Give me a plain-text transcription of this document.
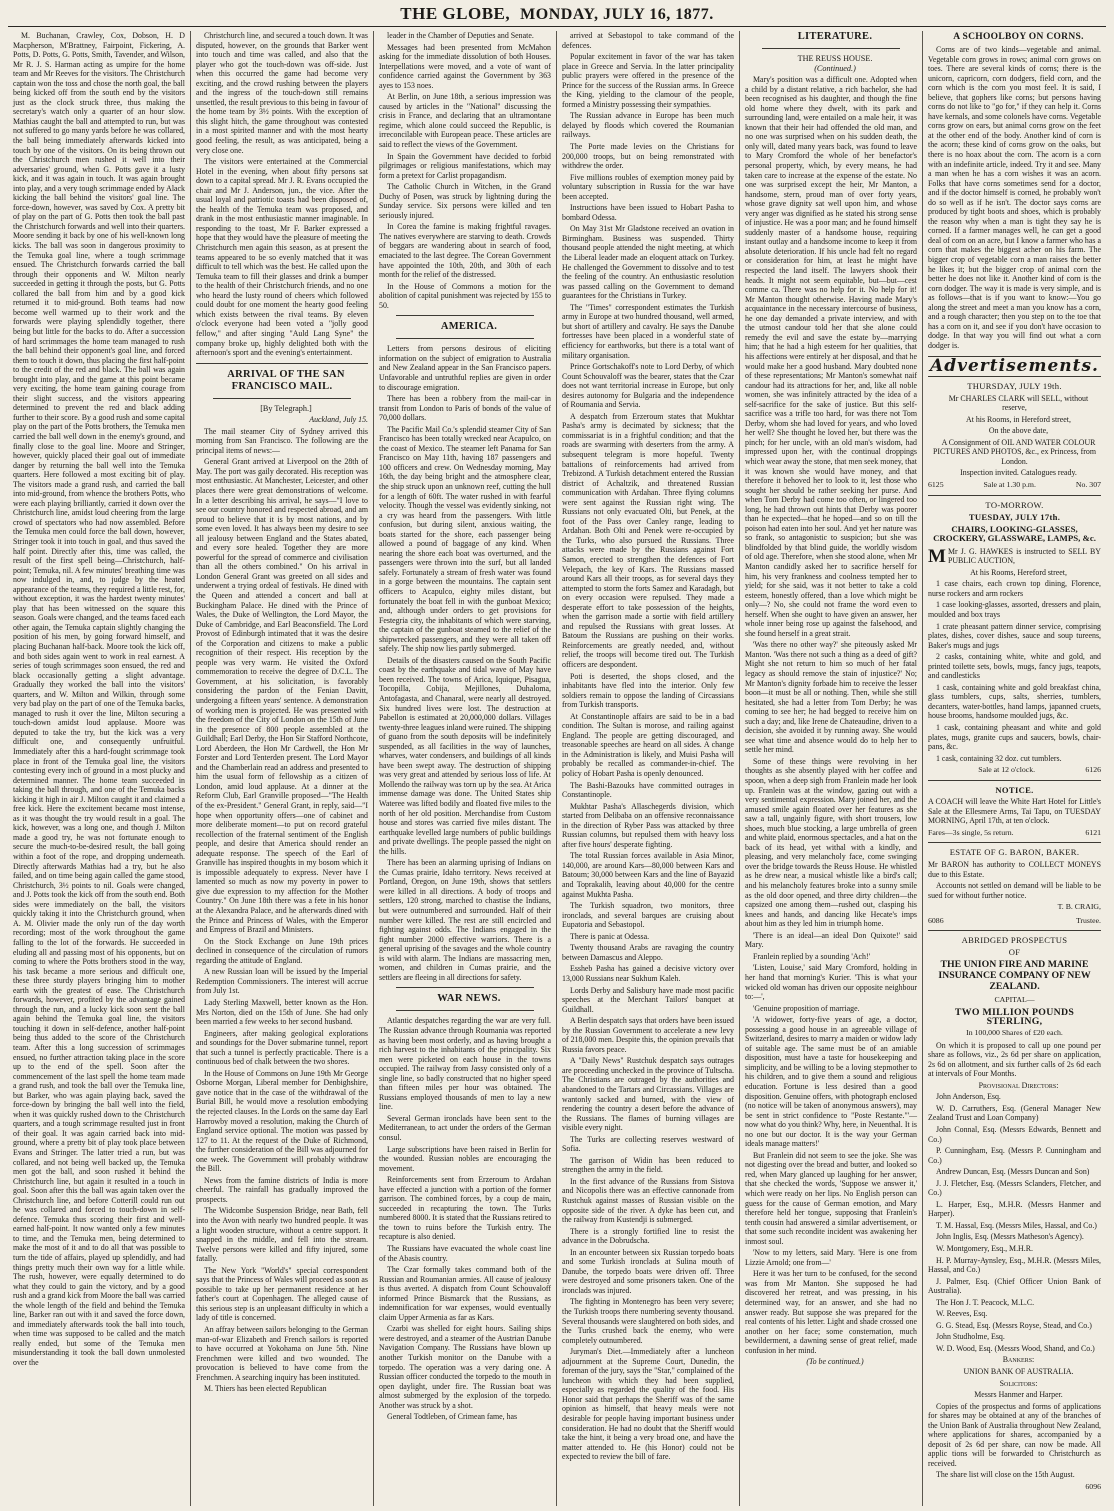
THE GLOBE, MONDAY, JULY 16, 1877.

M. Buchanan, Crawley, Cox, Dobson, H. D Macpherson, M'Brattney, Fairpoint, Fickering, A. Potts, D. Potts, G. Potts, Smith, Tavender, and Wilson, Mr R. J. S. Harman acting as umpire for the home team and Mr Reeves for the visitors. The Christchurch captain won the toss and chose the north goal, the ball being kicked off from the south end by the visitors just as the clock struck three, thus making the secretary's watch only a quarter of an hour slow. Mathias caught the ball and attempted to run, but was not suffered to go many yards before he was collared, the ball being immediately afterwards kicked into touch by one of the visitors. On its being thrown out the Christchurch men rushed it well into their adversaries' ground, when G. Potts gave it a lusty kick, and it was again in touch. It was again brought into play, and a very tough scrimmage ended by Alack kicking the ball behind the visitors' goal line. The force-down, however, was saved by Cox. A pretty bit of play on the part of G. Potts then took the ball past the Christchurch forwards and well into their quarters. Moore sending it back by one of his well-known long kicks. The ball was soon in dangerous proximity to the Temuka goal line, where a tough scrimmage ensued. The Christchurch forwards carried the ball through their opponents and W. Milton nearly succeeded in getting it through the posts, but G. Potts collared the ball from him and by a good kick returned it to mid-ground. Both teams had now become well warmed up to their work and the forwards were playing splendidly together, there being but little for the backs to do. After a succession of hard scrimmages the home team managed to rush the ball behind their opponent's goal line, and forced them to touch it down, thus placing the first half-point to the credit of the red and black. The ball was again brought into play, and the game at this point became very exciting, the home team gaining courage from their slight success, and the visitors appearing determined to prevent the red and black adding further to their score. By a good rush and some capital play on the part of the Potts brothers, the Temuka men carried the ball well down in the enemy's ground, and finally close to the goal line. Moore and Stringer, however, quickly placed their goal out of immediate danger by returning the ball well into the Temuka quarters. Here followed a most exciting bit of play. The visitors made a grand rush, and carried the ball into mid-ground, from whence the brothers Potts, who were each playing brilliantly, carried it down over the Christchurch line, amidst loud cheering from the large crowd of spectators who had now assembled. Before the Temuka men could force the ball down, however, Stringer took it into touch in goal, and thus saved the half point. Directly after this, time was called, the result of the first spell being—Christchurch, half-point; Temuka, nil. A few minutes' breathing time was now indulged in, and, to judge by the heated appearance of the teams, they required a little rest, for, without exception, it was the hardest twenty minutes' play that has been witnessed on the square this season. Goals were changed, and the teams faced each other again, the Temuka captain slightly changing the position of his men, by going forward himself, and placing Buchanan half-back. Moore took the kick off, and both sides again went to work in real earnest. A series of tough scrimmages soon ensued, the red and black occasionally getting a slight advantage. Gradually they worked the ball into the visitors' quarters, and W. Milton and Wilkin, through some very bad play on the part of one of the Temuka backs, managed to rush it over the line, Milton securing a touch-down amidst loud applause. Moore was deputed to take the try, but the kick was a very difficult one, and consequently unfruitful. Immediately after this a hard-fought scrimmage took place in front of the Temuka goal line, the visitors contesting every inch of ground in a most plucky and determined manner. The home team succeeded in taking the ball through, and one of the Temuka backs kicking it high in air J. Milton caught it and claimed a free kick. Here the excitement became most intense, as it was thought the try would result in a goal. The kick, however, was a long one, and though J. Milton made a good try, he was not fortunate enough to secure the much-to-be-desired result, the ball going within a foot of the rope, and dropping underneath. Directly afterwards Mathias had a try, but he also failed, and on time being again called the game stood, Christchurch, 3½ points to nil. Goals were changed, and J. Potts took the kick off from the south end. Both sides were immediately on the ball, the visitors quickly taking it into the Christchurch ground, when A. M. Olivier made the only run of the day worth recording; most of the work throughout the game falling to the lot of the forwards. He succeeded in eluding all and passing most of his opponents, but on coming to where the Potts brothers stood in the way, his task became a more serious and difficult one, these three sturdy players bringing him to mother earth with the greatest of ease. The Christchurch forwards, however, profited by the advantage gained through the run, and a lucky kick soon sent the ball again behind the Temuka goal line, the visitors touching it down in self-defence, another half-point being thus added to the score of the Christchurch team. After this a long succession of scrimmages ensued, no further attraction taking place in the score up to the end of the spell. Soon after the commencement of the last spell the home team made a grand rush, and took the ball over the Temuka line, but Barker, who was again playing back, saved the force-down by bringing the ball well into the field, when it was quickly rushed down to the Christchurch quarters, and a tough scrimmage resulted just in front of their goal. It was again carried back into mid-ground, where a pretty bit of play took place between Evans and Stringer. The latter tried a run, but was collared, and not being well backed up, the Temuka men got the ball, and soon rushed it behind the Christchurch line, but again it resulted in a touch in goal. Soon after this the ball was again taken over the Christchurch line, and before Cotterill could run out he was collared and forced to touch-down in self-defence. Temuka thus scoring their first and well-earned half-point. It now wanted only a few minutes to time, and the Temuka men, being determined to make the most of it and to do all that was possible to turn the tide of affairs, played up splendidly, and had things pretty much their own way for a little while. The rush, however, were equally determined to do what they could to gain the victory, and by a good rush and a grand kick from Moore the ball was carried the whole length of the field and behind the Temuka line, Barker ran out with it and saved the force down, and immediately afterwards took the ball into touch, when time was supposed to be called and the match really ended, but some of the Temuka men misunderstanding it took the ball down unmolested over the

Christchurch line, and secured a touch down. It was disputed, however, on the grounds that Barker went into touch and time was called, and also that the player who got the touch-down was off-side. Just when this occurred the game had become very exciting, and the crowd rushing between the players and the ingress of the touch-down still remains unsettled, the result previous to this being in favour of the home team by 3½ points. With the exception of this slight hitch, the game throughout was contested in a most spirited manner and with the most hearty good feeling, the result, as was anticipated, being a very close one.

The visitors were entertained at the Commercial Hotel in the evening, when about fifty persons sat down to a capital spread. Mr J. R. Evans occupied the chair and Mr J. Anderson, jun., the vice. After the usual loyal and patriotic toasts had been disposed of, the health of the Temuka team was proposed, and drank in the most enthusiastic manner imaginable. In responding to the toast, Mr F. Barker expressed a hope that they would have the pleasure of meeting the Christchurch men again this season, as at present the teams appeared to be so evenly matched that it was difficult to tell which was the best. He called upon the Temuka team to fill their glasses and drink a bumper to the health of their Christchurch friends, and no one who heard the lusty round of cheers which followed could doubt for one moment the hearty good feeling which exists between the rival teams. By eleven o'clock everyone had been voted a "jolly good fellow," and after singing "Auld Lang Syne" the company broke up, highly delighted both with the afternoon's sport and the evening's entertainment.

ARRIVAL OF THE SAN FRANCISCO MAIL.

[By Telegraph.]

Auckland, July 15.

The mail steamer City of Sydney arrived this morning from San Francisco. The following are the principal items of news:—

General Grant arrived at Liverpool on the 28th of May. The port was gaily decorated. His reception was most enthusiastic. At Manchester, Leicester, and other places there were great demonstrations of welcome. In a letter describing his arrival, he says—"I love to see our country honored and respected abroad, and am proud to believe that it is by most nations, and by some even loved. It has always been my desire to see all jealousy between England and the States abated, and every sore healed. Together they are more powerful for the spread of commerce and civilisation than all the others combined." On his arrival in London General Grant was greeted on all sides and underwent a trying ordeal of festivals. He dined with the Queen and attended a concert and ball at Buckingham Palace. He dined with the Prince of Wales, the Duke of Wellington, the Lord Mayor, the Duke of Cambridge, and Earl Beaconsfield. The Lord Provost of Edinburgh intimated that it was the desire of the Corporation and citizens to make a public recognition of their respect. His reception by the people was very warm. He visited the Oxford commemoration to receive the degree of D.C.L. The Government, at his solicitation, is favorably considering the pardon of the Fenian Davitt, undergoing a fifteen years' sentence. A demonstration of working men is projected. He was presented with the freedom of the City of London on the 15th of June in the presence of 800 people assembled at the Guildhall; Earl Derby, the Hon Sir Stafford Northcote, Lord Aberdeen, the Hon Mr Cardwell, the Hon Mr Forster and Lord Tenterden present. The Lord Mayor and the Chamberlain read an address and presented to him the usual form of fellowship as a citizen of London, amid loud applause. At a dinner at the Reform Club, Earl Granville proposed—"The Health of the ex-President." General Grant, in reply, said—"I hope when opportunity offers—one of cabinet and more deliberate moment—to put on record grateful recollection of the fraternal sentiment of the English people, and desire that America should render an adequate response. The speech of the Earl of Granville has inspired thoughts in my bosom which it is impossible adequately to express. Never have I lamented so much as now my poverty in power to give due expression to my affection for the Mother Country." On June 18th there was a fete in his honor at the Alexandra Palace, and he afterwards dined with the Prince and Princess of Wales, with the Emperor and Empress of Brazil and Ministers.

On the Stock Exchange on June 19th prices declined in consequence of the circulation of rumors regarding the attitude of England.

A new Russian loan will be issued by the Imperial Redemption Commissioners. The interest will accrue from July 1st.

Lady Sterling Maxwell, better known as the Hon. Mrs Norton, died on the 15th of June. She had only been married a few weeks to her second husband.

Engineers, after making geological explorations and soundings for the Dover submarine tunnel, report that such a tunnel is perfectly practicable. There is a continuous bed of chalk between the two shores.

In the House of Commons on June 19th Mr George Osborne Morgan, Liberal member for Denbighshire, gave notice that in the case of the withdrawal of the Burial Bill, he would move a resolution embodying the rejected clauses. In the Lords on the same day Earl Harrowby moved a resolution, making the Church of England service optional. The motion was passed by 127 to 11. At the request of the Duke of Richmond, the further consideration of the Bill was adjourned for one week. The Government will probably withdraw the Bill.

News from the famine districts of India is more cheerful. The rainfall has gradually improved the prospects.

The Widcombe Suspension Bridge, near Bath, fell into the Avon with nearly two hundred people. It was a light wooden structure, without a centre support. It snapped in the middle, and fell into the stream. Twelve persons were killed and fifty injured, some fatally.

The New York "World's" special correspondent says that the Princess of Wales will proceed as soon as possible to take up her permanent residence at her father's court at Copenhagen. The alleged cause of this serious step is an unpleasant difficulty in which a lady of title is concerned.

An affray between sailors belonging to the German man-of-war Elizabeth and French sailors is reported to have occurred at Yokohama on June 5th. Nine Frenchmen were killed and two wounded. The provocation is believed to have come from the Frenchmen. A searching inquiry has been instituted.

M. Thiers has been elected Republican

leader in the Chamber of Deputies and Senate.

Messages had been presented from McMahon asking for the immediate dissolution of both Houses. Interpellations were moved, and a vote of want of confidence carried against the Government by 363 ayes to 153 noes.

At Berlin, on June 18th, a serious impression was caused by articles in the "National" discussing the crisis in France, and declaring that an ultramontane regime, which alone could succeed the Republic, is irreconcilable with European peace. These articles are said to reflect the views of the Government.

In Spain the Government have decided to forbid pilgrimages or religious manifestations, which may form a pretext for Carlist propagandism.

The Catholic Church in Witchen, in the Grand Duchy of Posen, was struck by lightning during the Sunday service. Six persons were killed and ten seriously injured.

In Corea the famine is making frightful ravages. The natives everywhere are starving to death. Crowds of beggars are wandering about in search of food, emaciated to the last degree. The Corean Government have appointed the 10th, 20th, and 30th of each month for the relief of the distressed.

In the House of Commons a motion for the abolition of capital punishment was rejected by 155 to 50.

AMERICA.

Letters from persons desirous of eliciting information on the subject of emigration to Australia and New Zealand appear in the San Francisco papers. Unfavorable and untruthful replies are given in order to discourage emigration.

There has been a robbery from the mail-car in transit from London to Paris of bonds of the value of 70,000 dollars.

The Pacific Mail Co.'s splendid steamer City of San Francisco has been totally wrecked near Acapulco, on the coast of Mexico. The steamer left Panama for San Francisco on May 11th, having 187 passengers and 100 officers and crew. On Wednesday morning, May 16th, the day being bright and the atmosphere clear, the ship struck upon an unknown reef, cutting the hull for a length of 60ft. The water rushed in with fearful velocity. Though the vessel was evidently sinking, not a cry was heard from the passengers. With little confusion, but during silent, anxious waiting, the boats started for the shore, each passenger being allowed a pound of baggage of any kind. When nearing the shore each boat was overturned, and the passengers were thrown into the surf, but all landed safely. Fortunately a stream of fresh water was found in a gorge between the mountains. The captain sent officers to Acapulco, eighty miles distant, but fortunately the boat fell in with the gunboat Mexico; and, although under orders to get provisions for Festegria city, the inhabitants of which were starving, the captain of the gunboat steamed to the relief of the shipwrecked passengers, and they were all taken off safely. The ship now lies partly submerged.

Details of the disasters caused on the South Pacific coast by the earthquake and tidal wave of May have been received. The towns of Arica, Iquique, Pisagua, Tocopilla, Cobija, Mejillones, Duhaloma, Antofagasta, and Chanaral, were nearly all destroyed. Six hundred lives were lost. The destruction at Pabellon is estimated at 20,000,000 dollars. Villages twenty-three leagues inland were ruined. The shipping of guano from the south deposits will be indefinitely suspended, as all facilities in the way of launches, wharves, water condensers, and buildings of all kinds have been swept away. The destruction of shipping was very great and attended by serious loss of life. At Mollendo the railway was torn up by the sea. At Arica immense damage was done. The United States ship Wateree was lifted bodily and floated five miles to the north of her old position. Merchandise from Custom house and stores was carried five miles distant. The earthquake levelled large numbers of public buildings and private dwellings. The people passed the night on the hills.

There has been an alarming uprising of Indians on the Cumas prairie, Idaho territory. News received at Portland, Oregon, on June 19th, shows that settlers were killed in all directions. A body of troops and settlers, 120 strong, marched to chastise the Indians, but were outnumbered and surrounded. Half of their number were killed. The rest are still encircled and fighting against odds. The Indians engaged in the fight number 2000 effective warriors. There is a general uprising of the savages and the whole country is wild with alarm. The Indians are massacring men, women, and children in Cumas prairie, and the settlers are fleeing in all directions for safety.

WAR NEWS.

Atlantic despatches regarding the war are very full. The Russian advance through Roumania was reported as having been most orderly, and as having brought a rich harvest to the inhabitants of the principality. Six men were picketed on each house in the towns occupied. The railway from Jassy consisted only of a single line, so badly constructed that no higher speed than fifteen miles per hour was obtained. The Russians employed thousands of men to lay a new line.

Several German ironclads have been sent to the Mediterranean, to act under the orders of the German consul.

Large subscriptions have been raised in Berlin for the wounded. Russian nobles are encouraging the movement.

Reinforcements sent from Erzeroum to Ardahan have effected a junction with a portion of the former garrison. The combined forces, by a coup de main, succeeded in recapturing the town. The Turks numbered 8000. It is stated that the Russians retired to the town to ruins before the Turkish entry. The recapture is also denied.

The Russians have evacuated the whole coast line of the Abasis country.

The Czar formally takes command both of the Russian and Roumanian armies. All cause of jealousy is thus averted. A dispatch from Count Schouvaloff informed Prince Bismarck that the Russians, as indemnification for war expenses, would eventually claim Upper Armenia as far as Kars.

Czarbi was shelled for eight hours. Sailing ships were destroyed, and a steamer of the Austrian Danube Navigation Company. The Russians have blown up another Turkish monitor on the Danube with a torpedo. The operation was a very daring one. A Russian officer conducted the torpedo to the mouth in open daylight, under fire. The Russian boat was almost submerged by the explosion of the torpedo. Another was struck by a shot.

General Todtleben, of Crimean fame, has

arrived at Sebastopol to take command of the defences.

Popular excitement in favor of the war has taken place in Greece and Servia. In the latter principality public prayers were offered in the presence of the Prince for the success of the Russian arms. In Greece the King, yielding to the clamour of the people, formed a Ministry possessing their sympathies.

The Russian advance in Europe has been much delayed by floods which covered the Roumanian railways.

The Porte made levies on the Christians for 200,000 troops, but on being remonstrated with withdrew the order.

Five millions roubles of exemption money paid by voluntary subscription in Russia for the war have been accepted.

Instructions have been issued to Hobart Pasha to bombard Odessa.

On May 31st Mr Gladstone received an ovation in Birmingham. Business was suspended. Thirty thousand people attended the night meeting, at which the Liberal leader made an eloquent attack on Turkey. He challenged the Government to dissolve and to test the feeling of the country. An enthusiastic resolution was passed calling on the Government to demand guarantees for the Christians in Turkey.

The "Times" correspondent estimates the Turkish army in Europe at two hundred thousand, well armed, but short of artillery and cavalry. He says the Danube fortresses have been placed in a wonderful state of efficiency for earthworks, but there is a total want of military organisation.

Prince Gortschakoff's note to Lord Derby, of which Count Schouvaloff was the bearer, states that the Czar does not want territorial increase in Europe, but only desires autonomy for Bulgaria and the independence of Roumania and Servia.

A despatch from Erzeroum states that Mukhtar Pasha's army is decimated by sickness; that the commissariat is in a frightful condition; and that the roads are swarming with deserters from the army. A subsequent telegram is more hopeful. Twenty battalions of reinforcements had arrived from Trebizond. A Turkish detachment entered the Russian district of Achaltzik, and threatened Russian communication with Ardahan. Three flying columns were sent against the Russian right wing. The Russians not only evacuated Olti, but Penek, at the foot of the Pass over Canley range, leading to Ardahan. Both Olti and Penek were re-occupied by the Turks, who also pursued the Russians. Three attacks were made by the Russians against Fort Samon, erected to strengthen the defences of Fort Velepach, the key of Kars. The Russians massed around Kars all their troops, as for several days they attempted to storm the forts Samez and Karadagh, but on every occasion were repulsed. They made a desperate effort to take possession of the heights, when the garrison made a sortie with field artillery and repulsed the Russians with great losses. At Batoum the Russians are pushing on their works. Reinforcements are greatly needed, and, without relief, the troops will become tired out. The Turkish officers are despondent.

Poti is deserted, the shops closed, and the inhabitants have fled into the interior. Only few soldiers remain to oppose the landing of Circassians from Turkish transports.

At Constantinople affairs are said to be in a bad condition. The Sultan is morose, and railing against England. The people are getting discouraged, and treasonable speeches are heard on all sides. A change in the Administration is likely, and Muisi Pasha will probably be recalled as commander-in-chief. The policy of Hobart Pasha is openly denounced.

The Bashi-Bazouks have committed outrages in Constantinople.

Mukhtar Pasha's Allaschegerds division, which started from Delibaba on an offensive reconnaissance in the direction of Ryber Pass was attacked by three Russian columns, but repulsed them with heavy loss after five hours' desperate fighting.

The total Russian forces available in Asia Minor, 140,000, are around Kars—80,000 between Kars and Batoum; 30,000 between Kars and the line of Bayazid and Toprakalih, leaving about 40,000 for the centre against Mukhta Pasha.

The Turkish squadron, two monitors, three ironclads, and several barques are cruising about Eupatoria and Sebastopol.

There is panic at Odessa.

Twenty thousand Arabs are ravaging the country between Damascus and Aleppo.

Essheb Pasha has gained a decisive victory over 13,000 Russians near Sukhum Kaleh.

Lords Derby and Salisbury have made most pacific speeches at the Merchant Tailors' banquet at Guildhall.

A Berlin despatch says that orders have been issued by the Russian Government to accelerate a new levy of 218,000 men. Despite this, the opinion prevails that Russia favors peace.

A "Daily News" Rustchuk despatch says outrages are proceeding unchecked in the province of Tultscha. The Christians are outraged by the authorities and abandoned to the Tartars and Circassians. Villages are wantonly sacked and burned, with the view of rendering the country a desert before the advance of the Russians. The flames of burning villages are visible every night.

The Turks are collecting reserves westward of Sofia.

The garrison of Widin has been reduced to strengthen the army in the field.

In the first advance of the Russians from Sistova and Nicopolis there was an effective cannonade from Rustchuk against masses of Russian visible on the opposite side of the river. A dyke has been cut, and the railway from Kustendji is submerged.

There is a strongly fortified line to resist the advance in the Dobrudscha.

In an encounter between six Russian torpedo boats and some Turkish ironclads at Sulina mouth of Danube, the torpedo boats were driven off. Three were destroyed and some prisoners taken. One of the ironclads was injured.

The fighting in Montenegro has been very severe; the Turkish troops there numbering seventy thousand. Several thousands were slaughtered on both sides, and the Turks crushed back the enemy, who were completely outnumbered.

Juryman's Diet.—Immediately after a luncheon adjournment at the Supreme Court, Dunedin, the foreman of the jury, says the "Star," complained of the luncheon with which they had been supplied, especially as regarded the quality of the food. His Honor said that perhaps the Sheriff was of the same opinion as himself, that heavy meals were not desirable for people having important business under consideration. He had no doubt that the Sheriff would take the hint, it being a very broad one, and have the matter attended to. He (his Honor) could not be expected to review the bill of fare.

LITERATURE.

THE REUSS HOUSE.

(Continued.)

Mary's position was a difficult one. Adopted when a child by a distant relative, a rich bachelor, she had been recognised as his daughter, and though the fine old home where they dwelt, with its park and surrounding land, were entailed on a male heir, it was known that their heir had offended the old man, and no one was surprised when on his sudden death, the only will, dated many years back, was found to leave to Mary Cromford the whole of her benefactor's personal property, which, by every means, he had taken care to increase at the expense of the estate. No one was surprised except the heir, Mr Manton, a handsome, stern, proud man of over forty years, whose grave dignity sat well upon him, and whose very anger was dignified as he stated his strong sense of injustice. He was a poor man; and he found himself suddenly master of a handsome house, requiring instant outlay and a handsome income to keep it from absolute deterioration. If his uncle had felt no regard or consideration for him, at least he might have respected the land itself. The lawyers shook their heads. It might not seem equitable, but—but—cest comme ca. There was no help for it. No help for it! Mr Manton thought otherwise. Having made Mary's acquaintance in the necessary intercourse of business, he one day demanded a private interview, and with the utmost candour told her that she alone could remedy the evil and save the estate by—marrying him; that he had a high esteem for her qualities, that his affections were entirely at her disposal, and that he would make her a good husband. Mary doubted none of these representations; Mr Manton's somewhat naif candour had its attractions for her, and, like all noble women, she was infinitely attracted by the idea of a self-sacrifice for the sake of justice. But this self-sacrifice was a trifle too hard, for was there not Tom Derby, whom she had loved for years, and who loved her well? She thought he loved her, but there was the pinch; for her uncle, with an old man's wisdom, had impressed upon her, with the continual droppings which wear away the stone, that men seek money, that it was known she would have money, and that therefore it behoved her to look to it, lest those who sought her should be rather seeking her purse. And when Tom Derby had come too often, or lingered too long, he had thrown out hints that Derby was poorer than he expected—that he hoped—and so on till the poison had eaten into her soul. And yet her nature was so frank, so antagonistic to suspicion; but she was blindfolded by that blind guide, the worldly wisdom of old age. Therefore, when she stood alone, when Mr Manton candidly asked her to sacrifice herself for him, his very frankness and coolness tempted her to yield; for she said, was it not better to take a cold esteem, honestly offered, than a love which might be only—? No, she could not frame the word even to herself. When she ought to have given an answer, her whole inner being rose up against the falsehood, and she found herself in a great strait.

'Was there no other way?' she piteously asked Mr Manton. 'Was there not such a thing as a deed of gift? Might she not return to him so much of her fatal legacy as should remove the stain of injustice?' No; Mr Manton's dignity forbade him to receive the lesser boon—it must be all or nothing. Then, while she still hesitated, she had a letter from Tom Derby; he was coming to see her; he had begged to receive him on such a day; and, like Irene de Chateaudine, driven to a decision, she avoided it by running away. She would see what time and absence would do to help her to settle her mind.

Some of these things were revolving in her thoughts as she absently played with her coffee and spoon, when a deep sigh from Franlein made her look up. Franlein was at the window, gazing out with a very sentimental expression. Mary joined her, and the amused smile again floated over her features as she saw a tall, ungainly figure, with short trousers, low shoes, much blue stocking, a large umbrella of green and white plaid, enormous spectacles, and a hat on the back of its head, yet withal with a kindly, and pleasing, and very melancholy face, come swinging over the bridge towards the Reuss House. He whistled as he drew near, a musical whistle like a bird's call; and his melancholy features broke into a sunny smile as the old door opened, and three dirty children—the capsized one among them—rushed out, clasping his knees and hands, and dancing like Hecate's imps about him as they led him in triumph home.

'There is an ideal—an ideal Don Quixote!' said Mary.

Franlein replied by a sounding 'Ach!'

'Listen, Louise,' said Mary Cromford, holding in her hand that morning's Kurier. 'This is what your wicked old woman has driven our opposite neighbour to:—',

'Genuine proposition of marriage.

'A widower, forty-five years of age, a doctor, possessing a good house in an agreeable village of Switzerland, desires to marry a maiden or widow lady of suitable age. The same must be of an amiable disposition, must have a taste for housekeeping and simplicity, and be willing to be a loving stepmother to his children, and to give them a sound and religious education. Fortune is less desired than a good disposition. Genuine offers, with photograph enclosed (no notice will be taken of anonymous answers), may be sent in strict confidence to "Poste Restante."'—now what do you think? Why, here, in Neuenthal. It is no one but our doctor. It is the way your German ideals manage matters!'

But Franlein did not seem to see the joke. She was not digesting over the bread and butter, and looked so red, when Mary glanced up laughing for her answer, that she checked the words, 'Suppose we answer it,' which were ready on her lips. No English person can guess for the cause of German emotion, and Mary therefore held her tongue, supposing that Franlein's tenth cousin had answered a similar advertisement, or that some such recondite incident was awakening her inmost soul.

'Now to my letters, said Mary. 'Here is one from Lizzie Arnold; one from—'

Here it was her turn to be confused, for the second was from Mr Manton. She supposed he had discovered her retreat, and was pressing, in his determined way, for an answer, and she had no answer ready. But suppose she was prepared for the real contents of his letter. Light and shade crossed one another on her face; some consternation, much bewilderment, a dawning sense of great relief, made confusion in her mind.

(To be continued.)

A SCHOOLBOY ON CORNS.

Corns are of two kinds—vegetable and animal. Vegetable corn grows in rows; animal corn grows on toes. There are several kinds of corns; there is the unicorn, capricorn, corn dodgers, field corn, and the corn which is the corn you most feel. It is said, I believe, that gophers like corns; but persons having corns do not like to "go for," if they can help it. Corns have kernals, and some colonels have corns. Vegetable corns grow on ears, but animal corns grow on the feet at the other end of the body. Another kind of corn is the acorn; these kind of corns grow on the oaks, but there is no hoax about the corn. The acorn is a corn with an indefinite article, indeed. Try it and see. Many a man when he has a corn wishes it was an acorn. Folks that have corns sometimes send for a doctor, and if the doctor himself is corned, he probably won't do so well as if he isn't. The doctor says corns are produced by tight boots and shoes, which is probably the reason why when a man is tight they say he is corned. If a farmer manages well, he can get a good deal of corn on an acre, but I know a farmer who has a corn that makes the biggest acher on his farm. The bigger crop of vegetable corn a man raises the better he likes it; but the bigger crop of animal corn the better he does not like it. Another kind of corn is the corn dodger. The way it is made is very simple, and is as follows—that is if you want to know:—You go along the street and meet a man you know has a corn, and a rough character; then you step on to the toe that has a corn on it, and see if you don't have occasion to dodge. In that way you will find out what a corn dodger is.

Advertisements.
THURSDAY, JULY 19th.

Mr CHARLES CLARK will SELL, without reserve,

At his Rooms, in Hereford street,

On the above date,

A Consignment of OIL AND WATER COLOUR PICTURES AND PHOTOS, &c., ex Princess, from London.

Inspection invited. Catalogues ready.

6125	Sale at 1.30 p.m.	No. 307
TO-MORROW.
TUESDAY, JULY 17th.
CHAIRS, LOOKING-GLASSES, CROCKERY, GLASSWARE, LAMPS, &c.

M Mr J. G. HAWKES is instructed to SELL BY PUBLIC AUCTION,

At his Rooms, Hereford street,

1 case chairs, each crown top dining, Florence, nurse rockers and arm rockers

1 case looking-glasses, assorted, dressers and plain, moulded and box trays

1 crate pheasant pattern dinner service, comprising plates, dishes, cover dishes, sauce and soup tureens, Baker's mugs and jugs

2 casks, containing white, white and gold, and printed toilette sets, bowls, mugs, fancy jugs, teapots, and candlesticks

1 cask, containing white and gold breakfast china, glass tumblers, cups, salts, sherries, tumblers, decanters, water-bottles, hand lamps, japanned cruets, house brooms, handsome moulded jugs, &c.

1 cask, containing pheasant and white and gold plates, mugs, granite cups and saucers, bowls, chair-pans, &c.

1 cask, containing 32 doz. cut tumblers.

Sale at 12 o'clock.	6126
NOTICE.

A COACH will leave the White Hart Hotel for Little's Sale at the Ellesmere Arms, Tai Tapu, on TUESDAY MORNING, April 17th, at ten o'clock.

Fares—3s single, 5s return.	6121
ESTATE OF G. BARON, BAKER.

Mr BARON has authority to COLLECT MONEYS due to this Estate.

Accounts not settled on demand will be liable to be sued for without further notice.

T. B. CRAIG,
6086	Trustee.
ABRIDGED PROSPECTUS
OF
THE UNION FIRE AND MARINE INSURANCE COMPANY OF NEW ZEALAND.
CAPITAL—
TWO MILLION POUNDS STERLING,
In 100,000 Shares of £20 each.

On which it is proposed to call up one pound per share as follows, viz., 2s 6d per share on application, 2s 6d on allotment, and six further calls of 2s 6d each at intervals of Four Months.

Provisional Directors:

John Anderson, Esq.

W. D. Carruthers, Esq. (General Manager New Zealand Trust and Loan Company)

John Connal, Esq. (Messrs Edwards, Bennett and Co.)

P. Cunningham, Esq. (Messrs P. Cunningham and Co.)

Andrew Duncan, Esq. (Messrs Duncan and Son)

J. J. Fletcher, Esq. (Messrs Sclanders, Fletcher, and Co.)

L. Harper, Esq., M.H.R. (Messrs Hanmer and Harper).

T. M. Hassal, Esq. (Messrs Miles, Hassal, and Co.)

John Inglis, Esq. (Messrs Matheson's Agency).

W. Montgomery, Esq., M.H.R.

H. P. Murray-Aynsley, Esq., M.H.R. (Messrs Miles, Hassal, and Co.)

J. Palmer, Esq. (Chief Officer Union Bank of Australia).

The Hon J. T. Peacock, M.L.C.

W. Reeves, Esq.

G. G. Stead, Esq. (Messrs Royse, Stead, and Co.)

John Studholme, Esq.

W. D. Wood, Esq. (Messrs Wood, Shand, and Co.)

Bankers:

UNION BANK OF AUSTRALIA.

Solicitors:

Messrs Hanmer and Harper.

Copies of the prospectus and forms of applications for shares may be obtained at any of the branches of the Union Bank of Australia throughout New Zealand, where applications for shares, accompanied by a deposit of 2s 6d per share, can now be made. All applic tions will be forwarded to Christchurch as received.

The share list will close on the 15th August.

6096
